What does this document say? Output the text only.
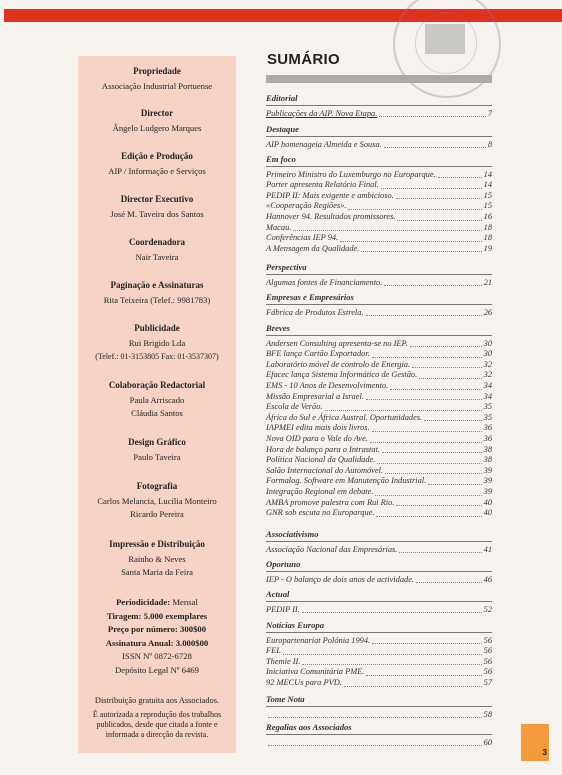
Propriedade
Associação Industrial Portuense
Director
Ângelo Ludgero Marques
Edição e Produção
AIP / Informação e Serviços
Director Executivo
José M. Taveira dos Santos
Coordenadora
Nair Taveira
Paginação e Assinaturas
Rita Teixeira (Telef.: 9981783)
Publicidade
Rui Brigido Lda
(Telef.: 01-3153805 Fax: 01-3537307)
Colaboração Redactorial
Paula Arriscado
Cláudia Santos
Design Gráfico
Paulo Taveira
Fotografia
Carlos Melancia, Lucília Monteiro
Ricardo Pereira
Impressão e Distribuição
Rainho & Neves
Santa Maria da Feira
Periodicidade: Mensal
Tiragem: 5.000 exemplares
Preço por número: 300$00
Assinatura Anual: 3.000$00
ISSN Nº 0872-6728
Depósito Legal Nº 6469
Distribuição gratuita aos Associados.
É autorizada a reprodução dos trabalhos publicados, desde que citada a fonte e informada a direcção da revista.
SUMÁRIO
Editorial
Publicações da AIP. Nova Etapa.	7
Destaque
AIP homenageia Almeida e Sousa.	8
Em foco
Primeiro Ministro do Luxemburgo no Europarque.	14
Porter apresenta Relatório Final.	14
PEDIP II: Mais exigente e ambicioso.	15
«Cooperação Regiões».	15
Hannover 94. Resultados promissores.	16
Macau.	18
Conferências IEP 94.	18
A Mensagem da Qualidade.	19
Perspectiva
Algumas fontes de Financiamento.	21
Empresas e Empresários
Fábrica de Produtos Estrela.	26
Breves
Andersen Consulting apresenta-se no IEP.	30
BFE lança Cartão Exportador.	30
Laboratório móvel de controlo de Energia.	32
Efacec lança Sistema Informático de Gestão.	32
EMS - 10 Anos de Desenvolvimento.	34
Missão Empresarial a Israel.	34
Escola de Verão.	35
África do Sul e África Austral. Oportunidades.	35
IAPMEI edita mais dois livros.	36
Nova OID para o Vale do Ave.	36
Hora de balanço para o Intrastat.	38
Política Nacional da Qualidade.	38
Salão Internacional do Automóvel.	39
Formalog. Software em Manutenção Industrial.	39
Integração Regional em debate.	39
AMBA promove palestra com Rui Rio.	40
GNR sob escuta no Europarque.	40
Associativismo
Associação Nacional das Empresárias.	41
Oportuno
IEP - O balanço de dois anos de actividade.	46
Actual
PEDIP II.	52
Notícias Europa
Europartenariat Polónia 1994.	56
FEI.	56
Themie II.	56
Iniciativa Comunitária PME.	56
92 MECUs para PVD.	57
Tome Nota
58
Regalias aos Associados
60
3
